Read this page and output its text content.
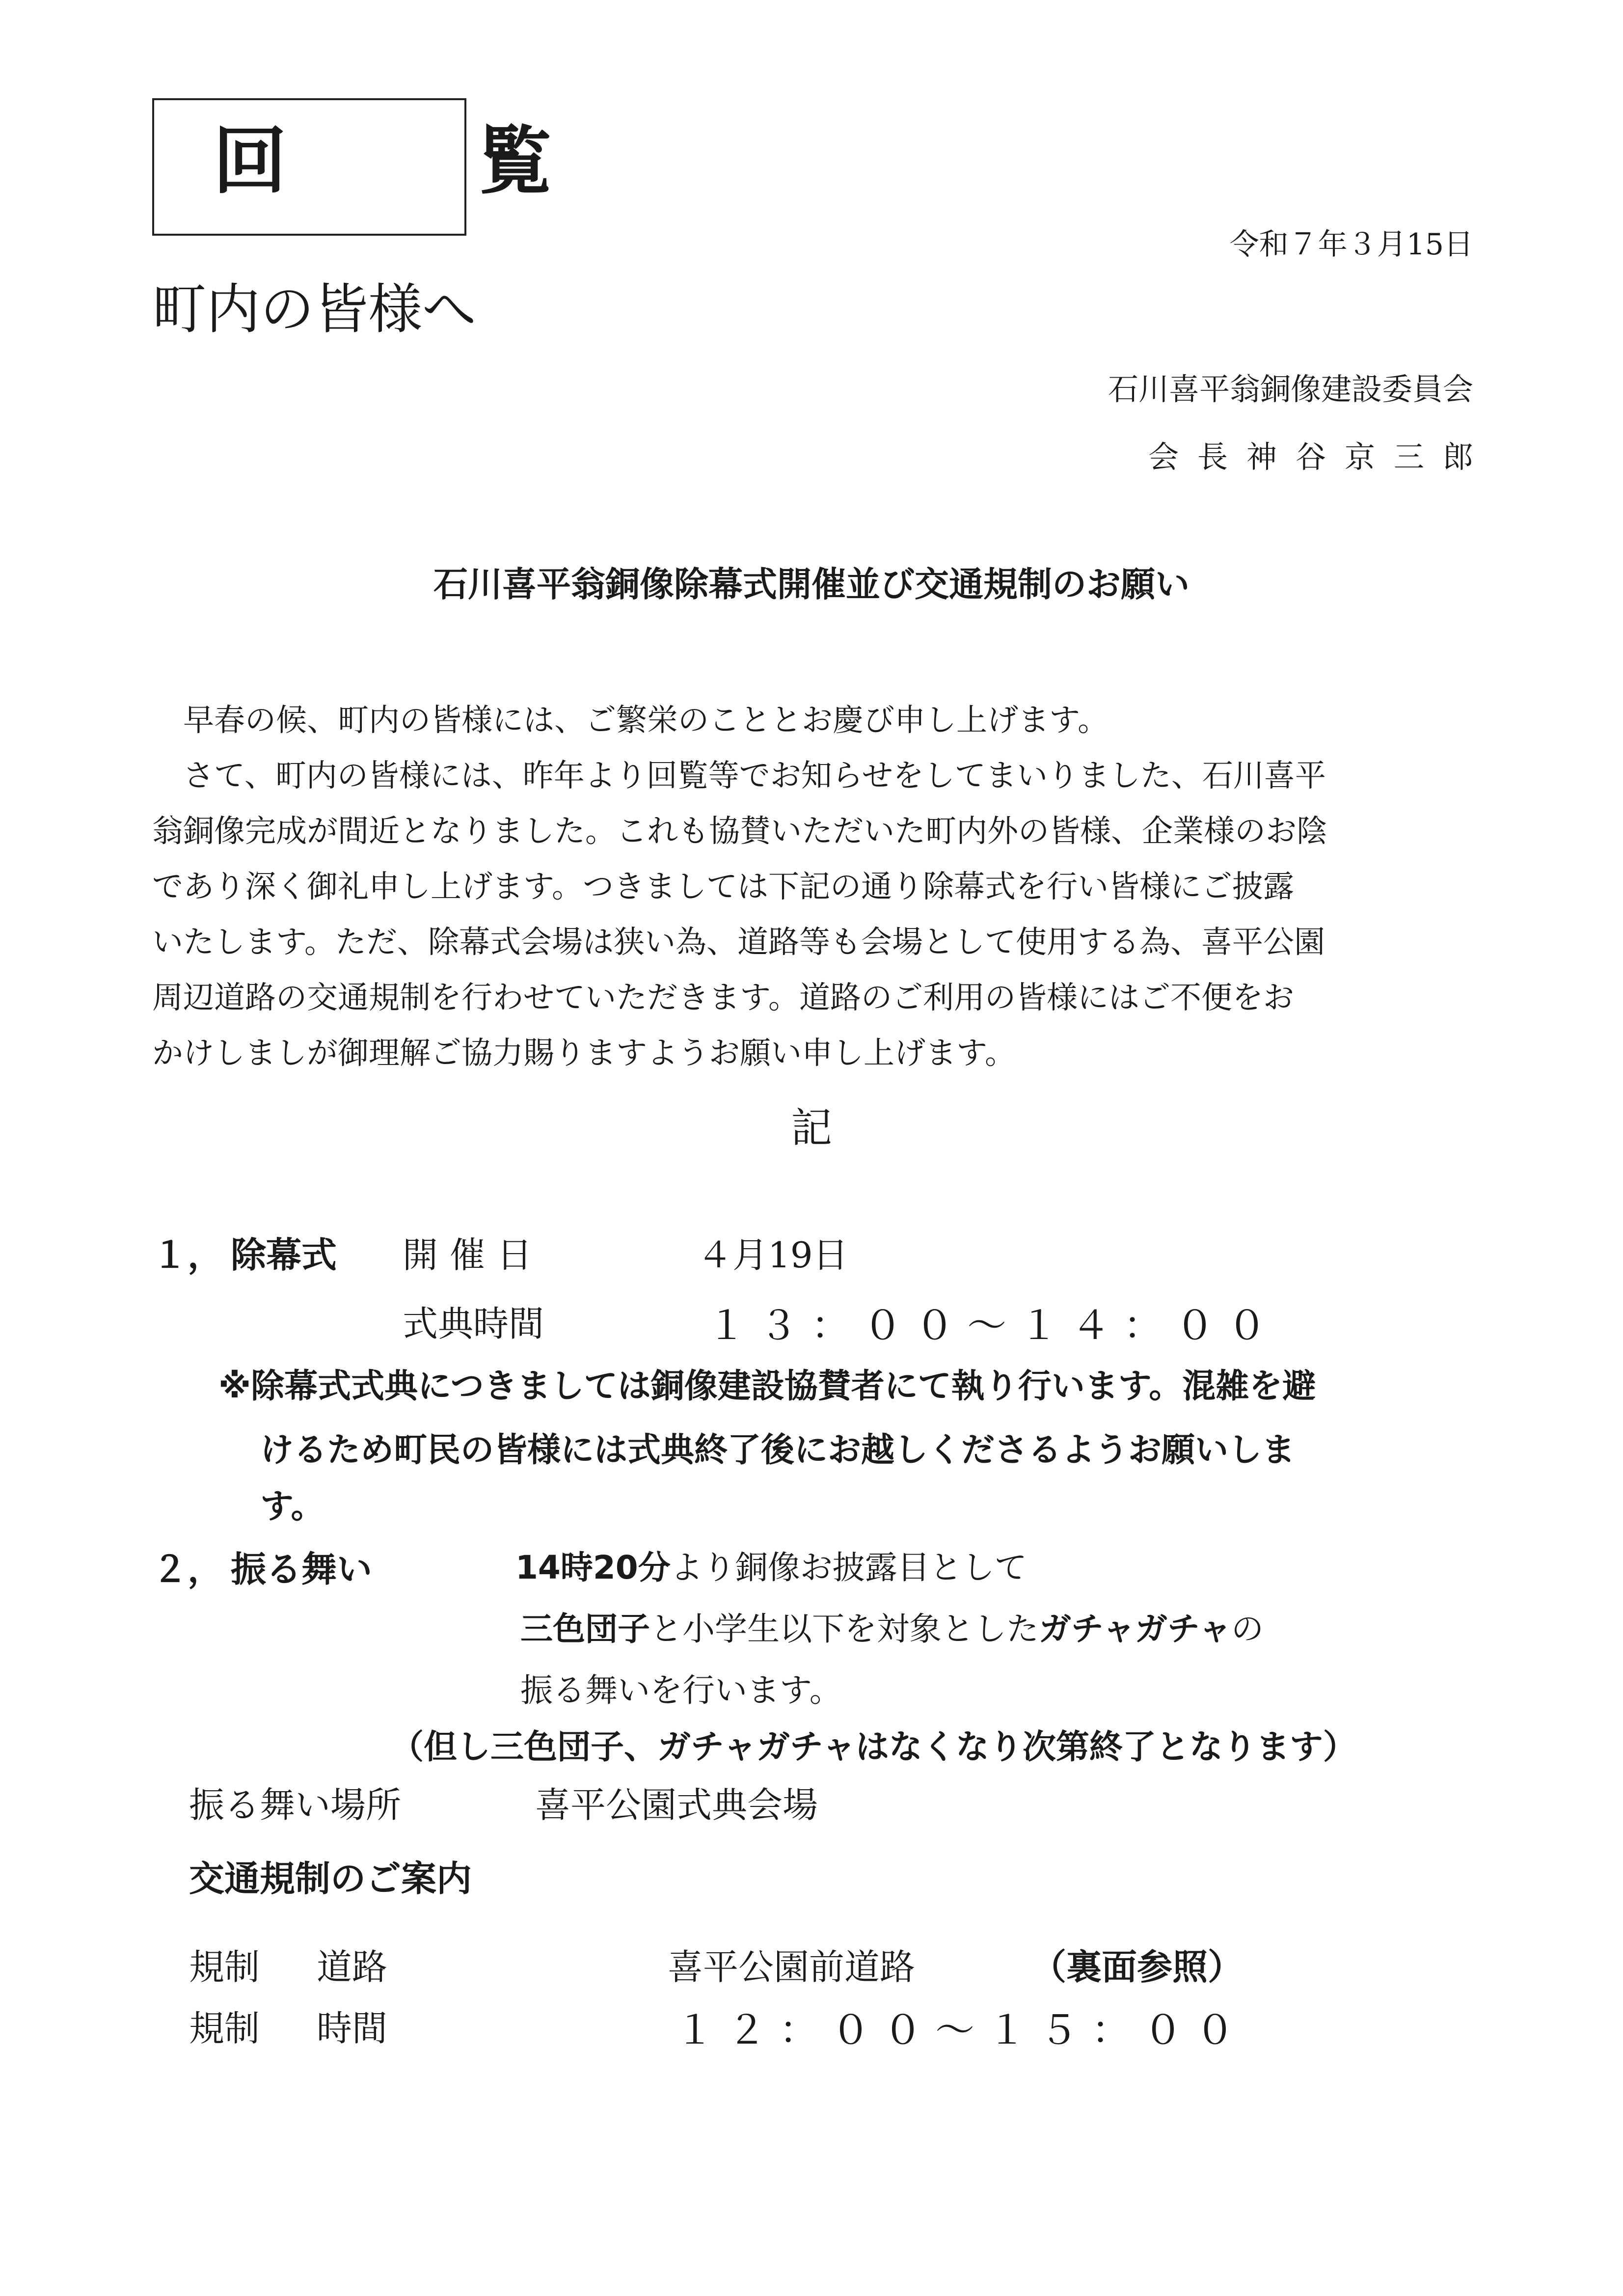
回　覧
令和７年３月15日
町内の皆様へ
石川喜平翁銅像建設委員会
会長神谷京三郎
石川喜平翁銅像除幕式開催並び交通規制のお願い
　早春の候、町内の皆様には、ご繁栄のこととお慶び申し上げます。
　さて、町内の皆様には、昨年より回覧等でお知らせをしてまいりました、石川喜平
翁銅像完成が間近となりました。これも協賛いただいた町内外の皆様、企業様のお陰
であり深く御礼申し上げます。つきましては下記の通り除幕式を行い皆様にご披露
いたします。ただ、除幕式会場は狭い為、道路等も会場として使用する為、喜平公園
周辺道路の交通規制を行わせていただきます。道路のご利用の皆様にはご不便をお
かけしましが御理解ご協力賜りますようお願い申し上げます。
記
１， 除幕式 開催日	４月19日
式典時間	１３：００〜１４：００
※除幕式式典につきましては銅像建設協賛者にて執り行います。混雑を避
けるため町民の皆様には式典終了後にお越しくださるようお願いしま
す。
２， 振る舞い	14時20分より銅像お披露目として
三色団子と小学生以下を対象としたガチャガチャの
振る舞いを行います。
（但し三色団子、ガチャガチャはなくなり次第終了となります）
振る舞い場所	喜平公園式典会場
交通規制のご案内
規制 道路	喜平公園前道路	（裏面参照）
規制 時間	１２：００〜１５：００
